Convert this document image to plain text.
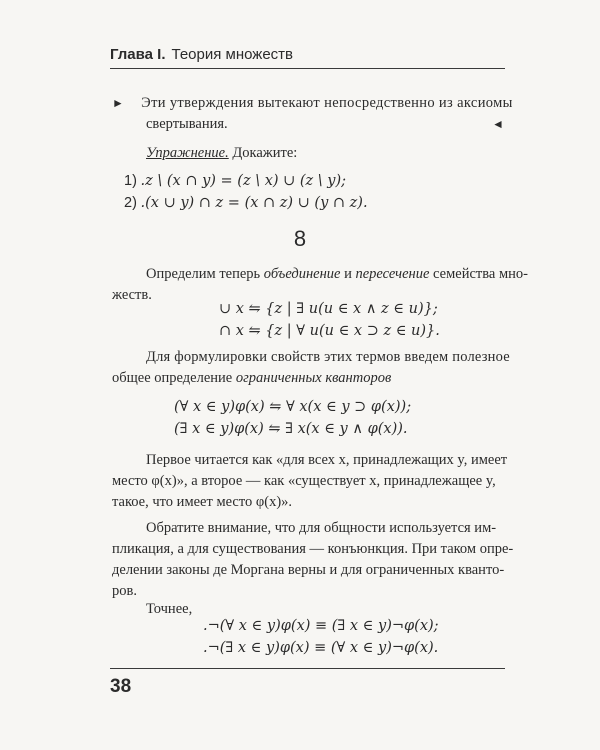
Глава I. Теория множеств
► Эти утверждения вытекают непосредственно из аксиомы
свертывания.	◄
Упражнение. Докажите:
1) .z \ (x ∩ y) = (z \ x) ∪ (z \ y);
2) .(x ∪ y) ∩ z = (x ∩ z) ∪ (y ∩ z).
8
Определим теперь объединение и пересечение семейства мно-
жеств.
∪ x ⇋ {z | ∃ u(u ∈ x ∧ z ∈ u)};
∩ x ⇋ {z | ∀ u(u ∈ x ⊃ z ∈ u)}.
Для формулировки свойств этих термов введем полезное
общее определение ограниченных кванторов
(∀ x ∈ y)φ(x) ⇋ ∀ x(x ∈ y ⊃ φ(x));
(∃ x ∈ y)φ(x) ⇋ ∃ x(x ∈ y ∧ φ(x)).
Первое читается как «для всех x, принадлежащих y, имеет
место φ(x)», а второе — как «существует x, принадлежащее y,
такое, что имеет место φ(x)».
Обратите внимание, что для общности используется им-
пликация, а для существования — конъюнкция. При таком опре-
делении законы де Моргана верны и для ограниченных кванто-
ров.
Точнее,
.¬(∀ x ∈ y)φ(x) ≡ (∃ x ∈ y)¬φ(x);
.¬(∃ x ∈ y)φ(x) ≡ (∀ x ∈ y)¬φ(x).
38
